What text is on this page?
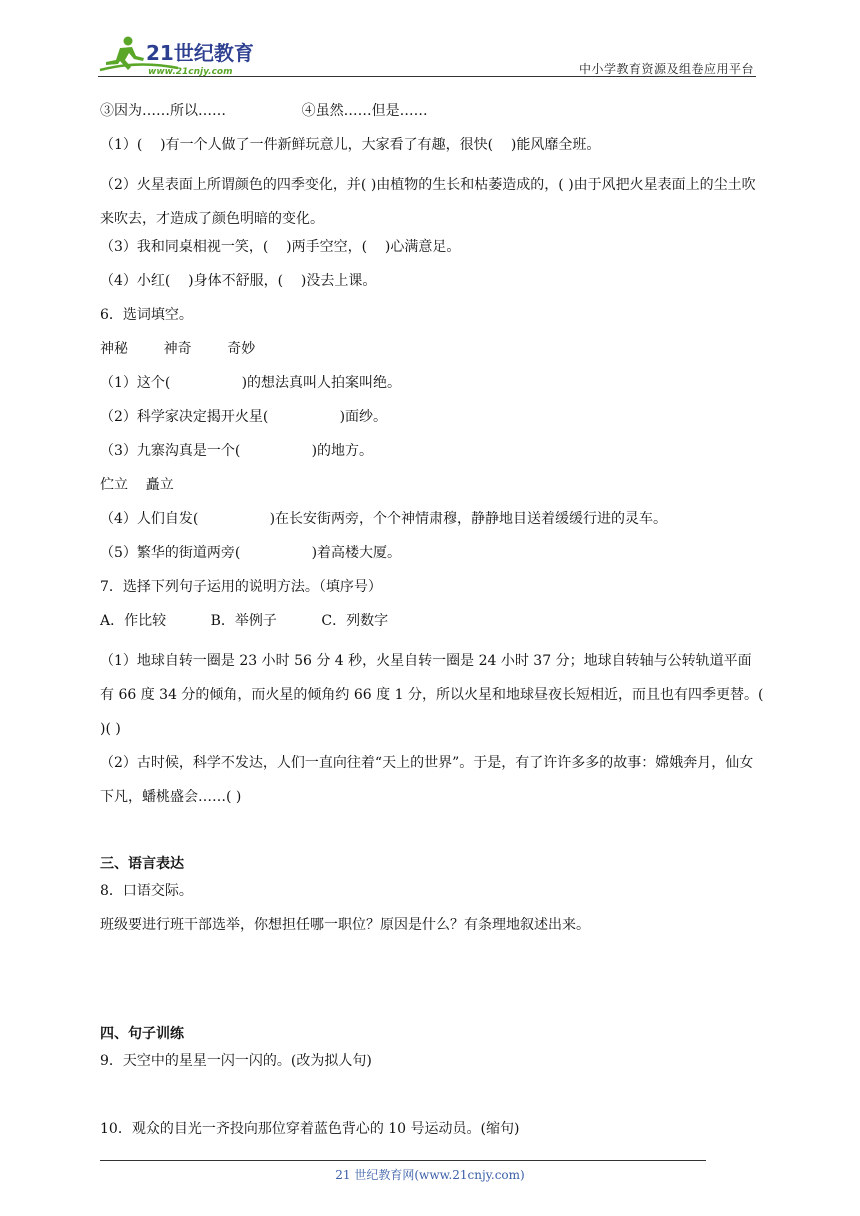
21世纪教育
www.21cnjy.com	中小学教育资源及组卷应用平台
③因为……所以……                 ④虽然……但是……
（1）(    )有一个人做了一件新鲜玩意儿，大家看了有趣，很快(    )能风靡全班。
（2）火星表面上所谓颜色的四季变化，并( )由植物的生长和枯萎造成的，( )由于风把火星表面上的尘土吹来吹去，才造成了颜色明暗的变化。
（3）我和同桌相视一笑，(    )两手空空，(    )心满意足。
（4）小红(    )身体不舒服，(    )没去上课。
6．选词填空。
神秘        神奇        奇妙
（1）这个(                )的想法真叫人拍案叫绝。
（2）科学家决定揭开火星(                )面纱。
（3）九寨沟真是一个(                )的地方。
伫立    矗立
（4）人们自发(                )在长安街两旁，个个神情肃穆，静静地目送着缓缓行进的灵车。
（5）繁华的街道两旁(                )着高楼大厦。
7．选择下列句子运用的说明方法。（填序号）
A．作比较          B．举例子          C．列数字
（1）地球自转一圈是 23 小时 56 分 4 秒，火星自转一圈是 24 小时 37 分；地球自转轴与公转轨道平面有 66 度 34 分的倾角，而火星的倾角约 66 度 1 分，所以火星和地球昼夜长短相近，而且也有四季更替。( )( )
（2）古时候，科学不发达，人们一直向往着“天上的世界”。于是，有了许许多多的故事：嫦娥奔月，仙女下凡，蟠桃盛会……( )
三、语言表达
8．口语交际。
班级要进行班干部选举，你想担任哪一职位？原因是什么？有条理地叙述出来。
四、句子训练
9．天空中的星星一闪一闪的。(改为拟人句)
10．观众的目光一齐投向那位穿着蓝色背心的 10 号运动员。(缩句)
21 世纪教育网(www.21cnjy.com)
